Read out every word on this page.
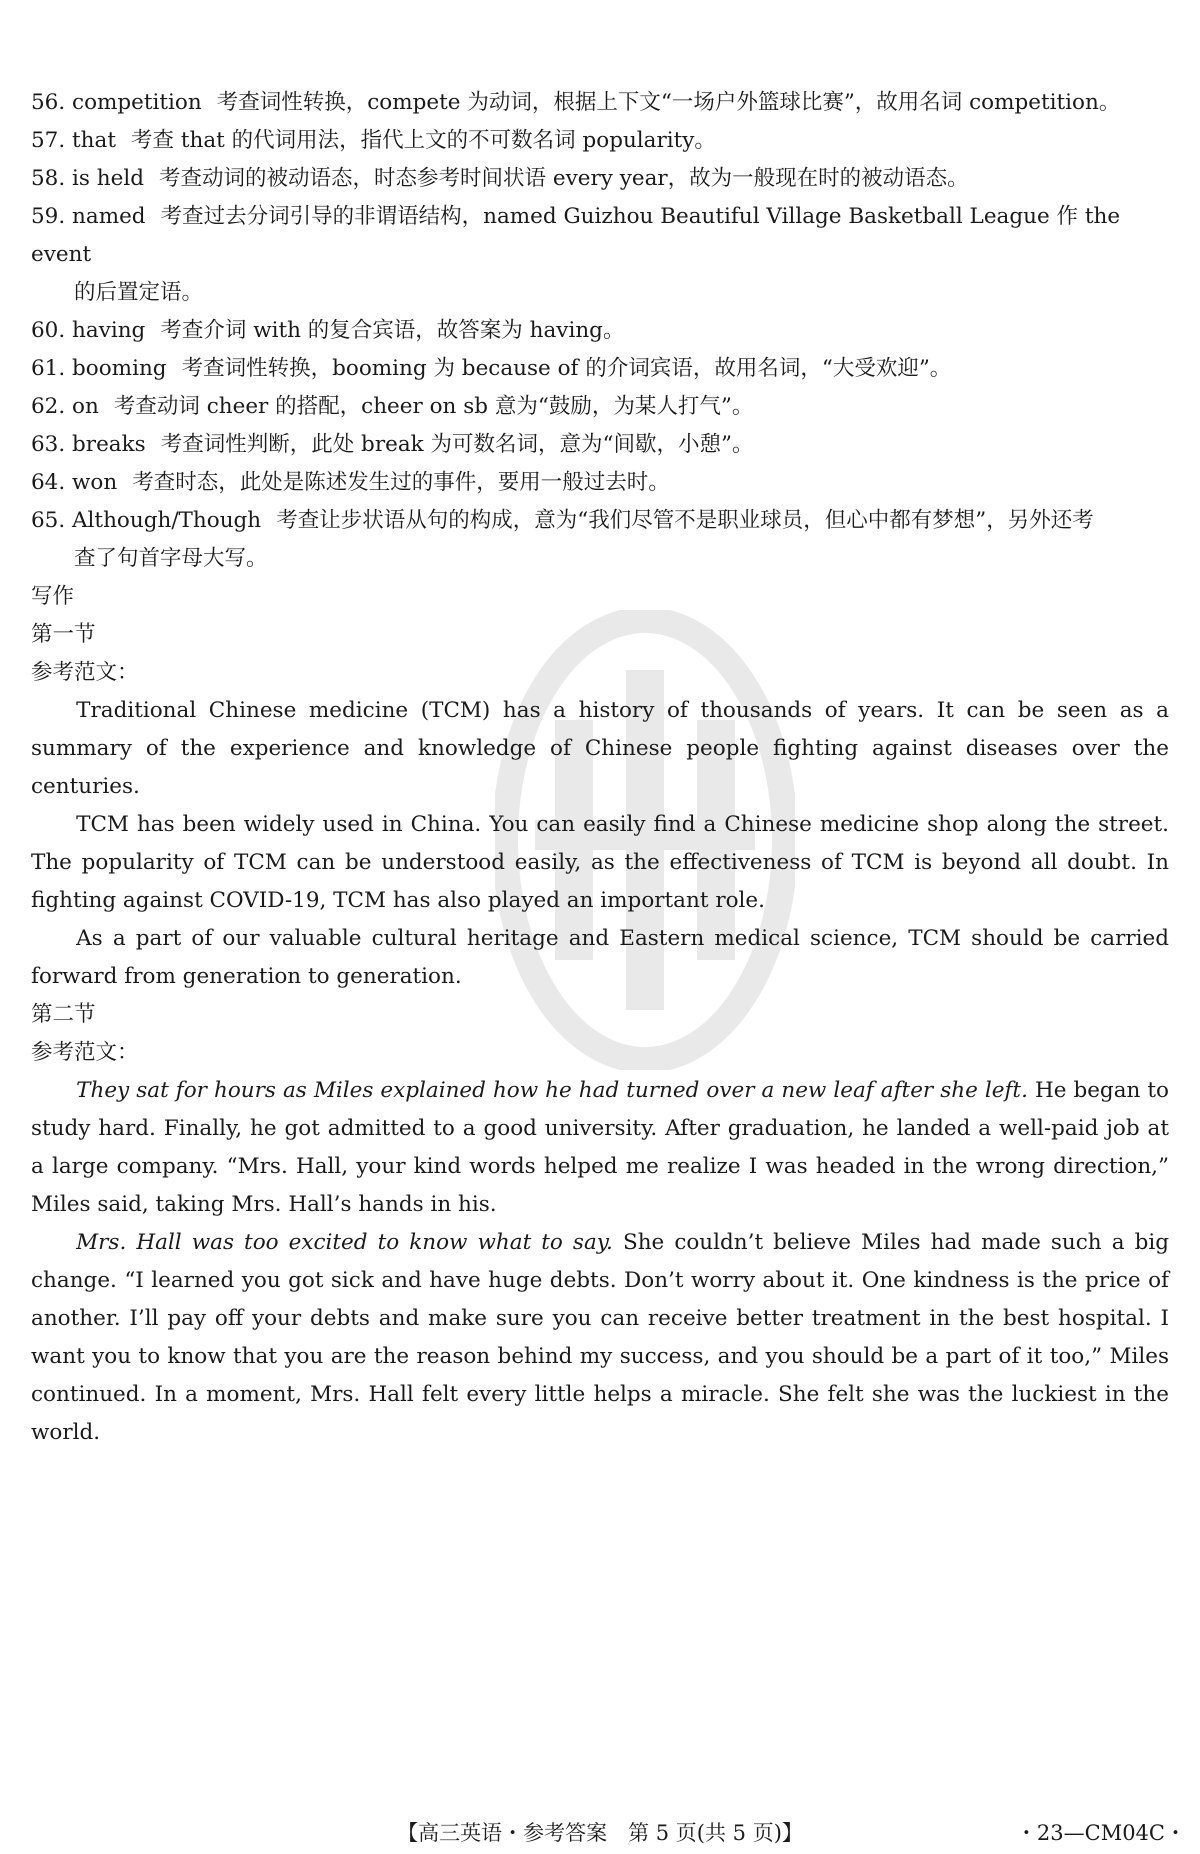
56. competition 考查词性转换，compete 为动词，根据上下文“一场户外篮球比赛”，故用名词 competition。
57. that 考查 that 的代词用法，指代上文的不可数名词 popularity。
58. is held 考查动词的被动语态，时态参考时间状语 every year，故为一般现在时的被动语态。
59. named 考查过去分词引导的非谓语结构，named Guizhou Beautiful Village Basketball League 作 the event
的后置定语。
60. having 考查介词 with 的复合宾语，故答案为 having。
61. booming 考查词性转换，booming 为 because of 的介词宾语，故用名词，“大受欢迎”。
62. on 考查动词 cheer 的搭配，cheer on sb 意为“鼓励，为某人打气”。
63. breaks 考查词性判断，此处 break 为可数名词，意为“间歇，小憩”。
64. won 考查时态，此处是陈述发生过的事件，要用一般过去时。
65. Although/Though 考查让步状语从句的构成，意为“我们尽管不是职业球员，但心中都有梦想”，另外还考
查了句首字母大写。
写作
第一节
参考范文：
Traditional Chinese medicine (TCM) has a history of thousands of years. It can be seen as a summary of the experience and knowledge of Chinese people fighting against diseases over the centuries.
TCM has been widely used in China. You can easily find a Chinese medicine shop along the street. The popularity of TCM can be understood easily, as the effectiveness of TCM is beyond all doubt. In fighting against COVID-19, TCM has also played an important role.
As a part of our valuable cultural heritage and Eastern medical science, TCM should be carried forward from generation to generation.
第二节
参考范文：
They sat for hours as Miles explained how he had turned over a new leaf after she left. He began to study hard. Finally, he got admitted to a good university. After graduation, he landed a well-paid job at a large company. “Mrs. Hall, your kind words helped me realize I was headed in the wrong direction,” Miles said, taking Mrs. Hall’s hands in his.
Mrs. Hall was too excited to know what to say. She couldn’t believe Miles had made such a big change. “I learned you got sick and have huge debts. Don’t worry about it. One kindness is the price of another. I’ll pay off your debts and make sure you can receive better treatment in the best hospital. I want you to know that you are the reason behind my success, and you should be a part of it too,” Miles continued. In a moment, Mrs. Hall felt every little helps a miracle. She felt she was the luckiest in the world.
【高三英语・参考答案　第 5 页(共 5 页)】	・23—CM04C・
